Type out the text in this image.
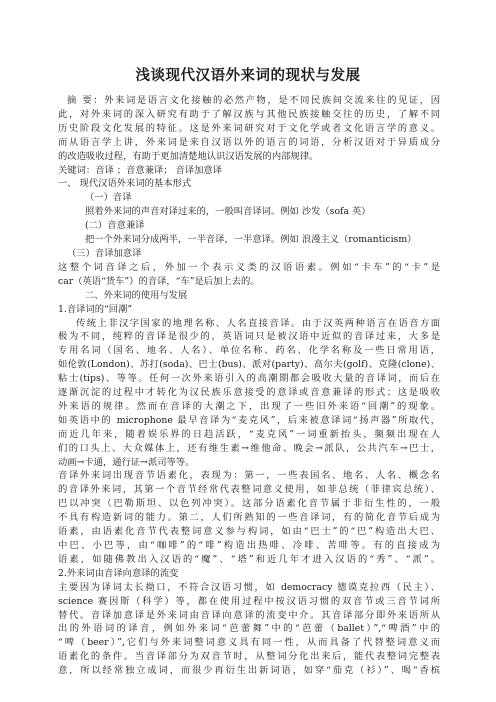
浅谈现代汉语外来词的现状与发展

摘 要：外来词是语言文化接触的必然产物，是不同民族间交流来往的见证，因

此，对外来词的深入研究有助于了解汉族与其他民族接触交往的历史，了解不同

历史阶段文化发展的特征。这是外来词研究对于文化学或者文化语言学的意义。

而从语言学上讲，外来词是来自汉语以外的语言的词语，分析汉语对于异质成分

的改造吸收过程，有助于更加清楚地认识汉语发展的内部规律。

关键词：音译 ；音意兼译； 音译加意译

一、 现代汉语外来词的基本形式

（一）音译

照着外来词的声音对译过来的，一般叫音译词。例如 沙发（sofa 英）

(二）音意兼译

把一个外来词分成两半，一半音译，一半意译。例如 浪漫主义（romanticism）

（三）音译加意译

这整个词音译之后，外加一个表示义类的汉语语素。例如“卡车”的“卡”是

car（英语“货车”）的音译，“车”是后加上去的。

二、外来词的使用与发展

1.音译词的“回潮”

传统上非汉字国家的地理名称、人名直接音译。由于汉英两种语言在语音方面

极为不同，纯粹的音译是很少的，英语词只是被汉语中近似的音译过来，大多是

专用名词（国名、地名、人名）、单位名称、药名、化学名称及一些日常用语，

如伦敦(London)、苏打(soda)、巴士(bus)、派对(party)、高尔夫(golf)、克隆(clone)、

粘士(tips)、等等。任何一次外来语引入的高潮期都会吸收大量的音译词，而后在

逐渐沉淀的过程中才转化为汉民族乐意接受的意译或音意兼译的形式；这是吸收

外来语的规律。然而在音译的大潮之下，出现了一些旧外来语“回潮”的现象。

如英语中的 microphone 最早音译为“麦克风”，后来被意译词“扬声器”所取代，

而近几年来，随着娱乐界的日趋活跃，“麦克风”一词重新抬头，频频出现在人

们的口头上、大众媒体上，还有维生素→维他命、晚会→派队，公共汽车→巴士，

动画→卡通，通行证→派司等等。

音译外来词出现音节语素化，表现为：第一，一些表国名、地名、人名、概念名

的音译外来词，其第一个音节经常代表整词意义使用，如菲总统（菲律宾总统）、

巴以冲突（巴勒斯坦、以色列冲突）。这部分语素化音节属于非衍生性的，一般

不具有构造新词的能力。第二，人们所熟知的一些音译词，有的简化音节后成为

语素，由语素化音节代表整词意义参与构词，如由“巴士”的“巴”构造出大巴、

中巴、小巴等，由“咖啡”的“啡”构造出热啡、冷啡、苦啡等。有的直接成为

语素，如随佛教出入汉语的“魔”、“塔”和近几年才进入汉语的“秀”、“派”。

2.外来词由音译向意译的流变

主要因为译词太长拗口，不符合汉语习惯，如 democracy 德谟克拉西（民主）、

science 赛因斯（科学）等，都在使用过程中按汉语习惯的双音节或三音节词所

替代。音译加意译是外来词由音译向意译的流变中介。其音译部分即外来语所从

出的外语词的译音，例如外来词“芭蕾舞”中的“芭蕾（ballet）”,“啤酒”中的

“啤（beer）”,它们与外来词整词意义具有同一性，从而具备了代替整词意义而

语素化的条件。当音译部分为双音节时，从整词分化出来后，能代表整词完整表

意，所以经常独立成词，而很少再衍生出新词语，如穿“茄克（衫）”、喝“香槟
